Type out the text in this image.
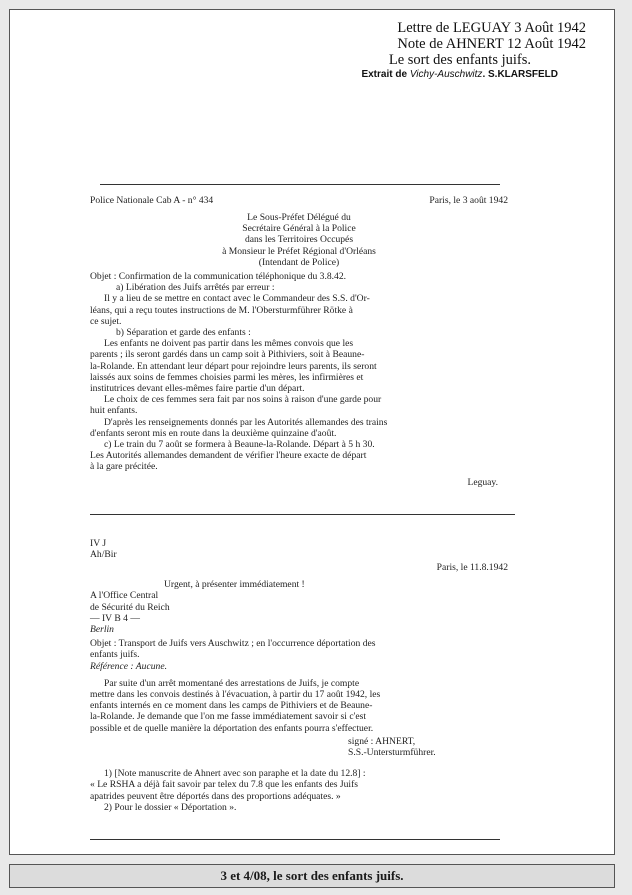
Lettre de LEGUAY 3 Août 1942
Note de AHNERT 12 Août 1942
Le sort des enfants juifs.
Extrait de Vichy-Auschwitz. S.KLARSFELD
Police Nationale Cab A - n° 434	Paris, le 3 août 1942

Le Sous-Préfet Délégué du

Secrétaire Général à la Police

dans les Territoires Occupés

à Monsieur le Préfet Régional d'Orléans

(Intendant de Police)

Objet : Confirmation de la communication téléphonique du 3.8.42.

a) Libération des Juifs arrêtés par erreur :

Il y a lieu de se mettre en contact avec le Commandeur des S.S. d'Or-

léans, qui a reçu toutes instructions de M. l'Obersturmführer Rötke à

ce sujet.

b) Séparation et garde des enfants :

Les enfants ne doivent pas partir dans les mêmes convois que les

parents ; ils seront gardés dans un camp soit à Pithiviers, soit à Beaune-

la-Rolande. En attendant leur départ pour rejoindre leurs parents, ils seront

laissés aux soins de femmes choisies parmi les mères, les infirmières et

institutrices devant elles-mêmes faire partie d'un départ.

Le choix de ces femmes sera fait par nos soins à raison d'une garde pour

huit enfants.

D'après les renseignements donnés par les Autorités allemandes des trains

d'enfants seront mis en route dans la deuxième quinzaine d'août.

c) Le train du 7 août se formera à Beaune-la-Rolande. Départ à 5 h 30.

Les Autorités allemandes demandent de vérifier l'heure exacte de départ

à la gare précitée.

Leguay.

IV J

Ah/Bir

Paris, le 11.8.1942
Urgent, à présenter immédiatement !

A l'Office Central

de Sécurité du Reich

— IV B 4 —

Berlin

Objet : Transport de Juifs vers Auschwitz ; en l'occurrence déportation des

enfants juifs.

Référence : Aucune.

Par suite d'un arrêt momentané des arrestations de Juifs, je compte

mettre dans les convois destinés à l'évacuation, à partir du 17 août 1942, les

enfants internés en ce moment dans les camps de Pithiviers et de Beaune-

la-Rolande. Je demande que l'on me fasse immédiatement savoir si c'est

possible et de quelle manière la déportation des enfants pourra s'effectuer.

signé : AHNERT,

S.S.-Untersturmführer.

1) [Note manuscrite de Ahnert avec son paraphe et la date du 12.8] :

« Le RSHA a déjà fait savoir par telex du 7.8 que les enfants des Juifs

apatrides peuvent être déportés dans des proportions adéquates. »

2) Pour le dossier « Déportation ».

3 et 4/08, le sort des enfants juifs.
